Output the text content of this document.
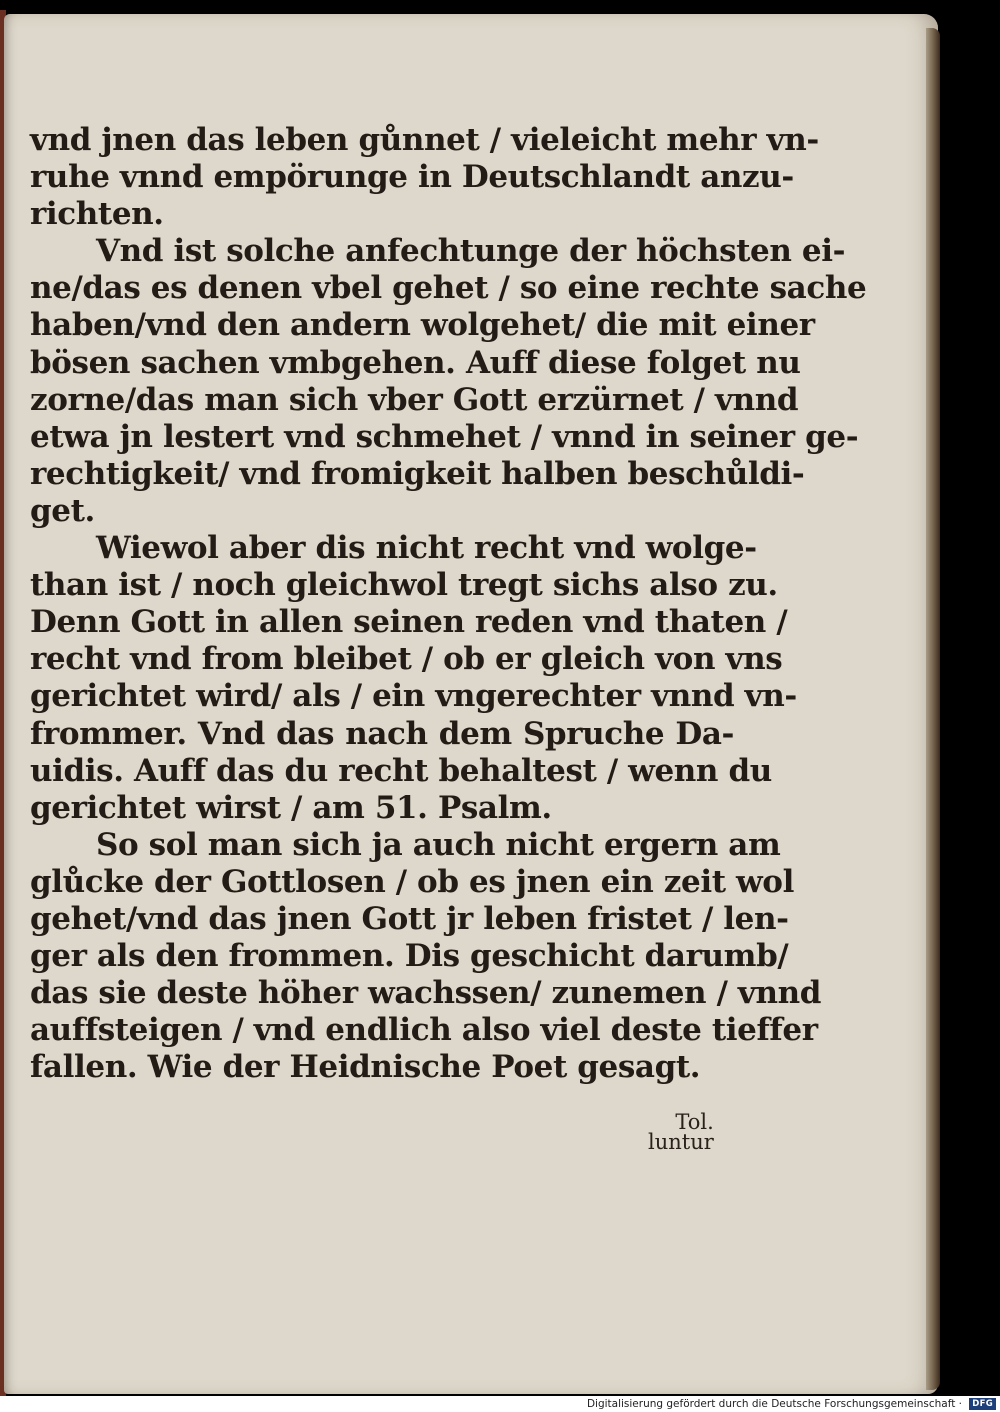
vnd jnen das leben gůnnet / vieleicht mehr vn-
ruhe vnnd empörunge in Deutschlandt anzu-
richten.
Vnd ist solche anfechtunge der höchsten ei-
ne/das es denen vbel gehet / so eine rechte sache
haben/vnd den andern wolgehet/ die mit einer
bösen sachen vmbgehen. Auff diese folget nu
zorne/das man sich vber Gott erzürnet / vnnd
etwa jn lestert vnd schmehet / vnnd in seiner ge-
rechtigkeit/ vnd fromigkeit halben beschůldi-
get.
Wiewol aber dis nicht recht vnd wolge-
than ist / noch gleichwol tregt sichs also zu.
Denn Gott in allen seinen reden vnd thaten /
recht vnd from bleibet / ob er gleich von vns
gerichtet wird/ als / ein vngerechter vnnd vn-
frommer. Vnd das nach dem Spruche Da-
uidis. Auff das du recht behaltest / wenn du
gerichtet wirst / am 51. Psalm.
So sol man sich ja auch nicht ergern am
glůcke der Gottlosen / ob es jnen ein zeit wol
gehet/vnd das jnen Gott jr leben fristet / len-
ger als den frommen. Dis geschicht darumb/
das sie deste höher wachssen/ zunemen / vnnd
auffsteigen / vnd endlich also viel deste tieffer
fallen. Wie der Heidnische Poet gesagt.
Tol.
luntur
Digitalisierung gefördert durch die Deutsche Forschungsgemeinschaft ·	DFG
